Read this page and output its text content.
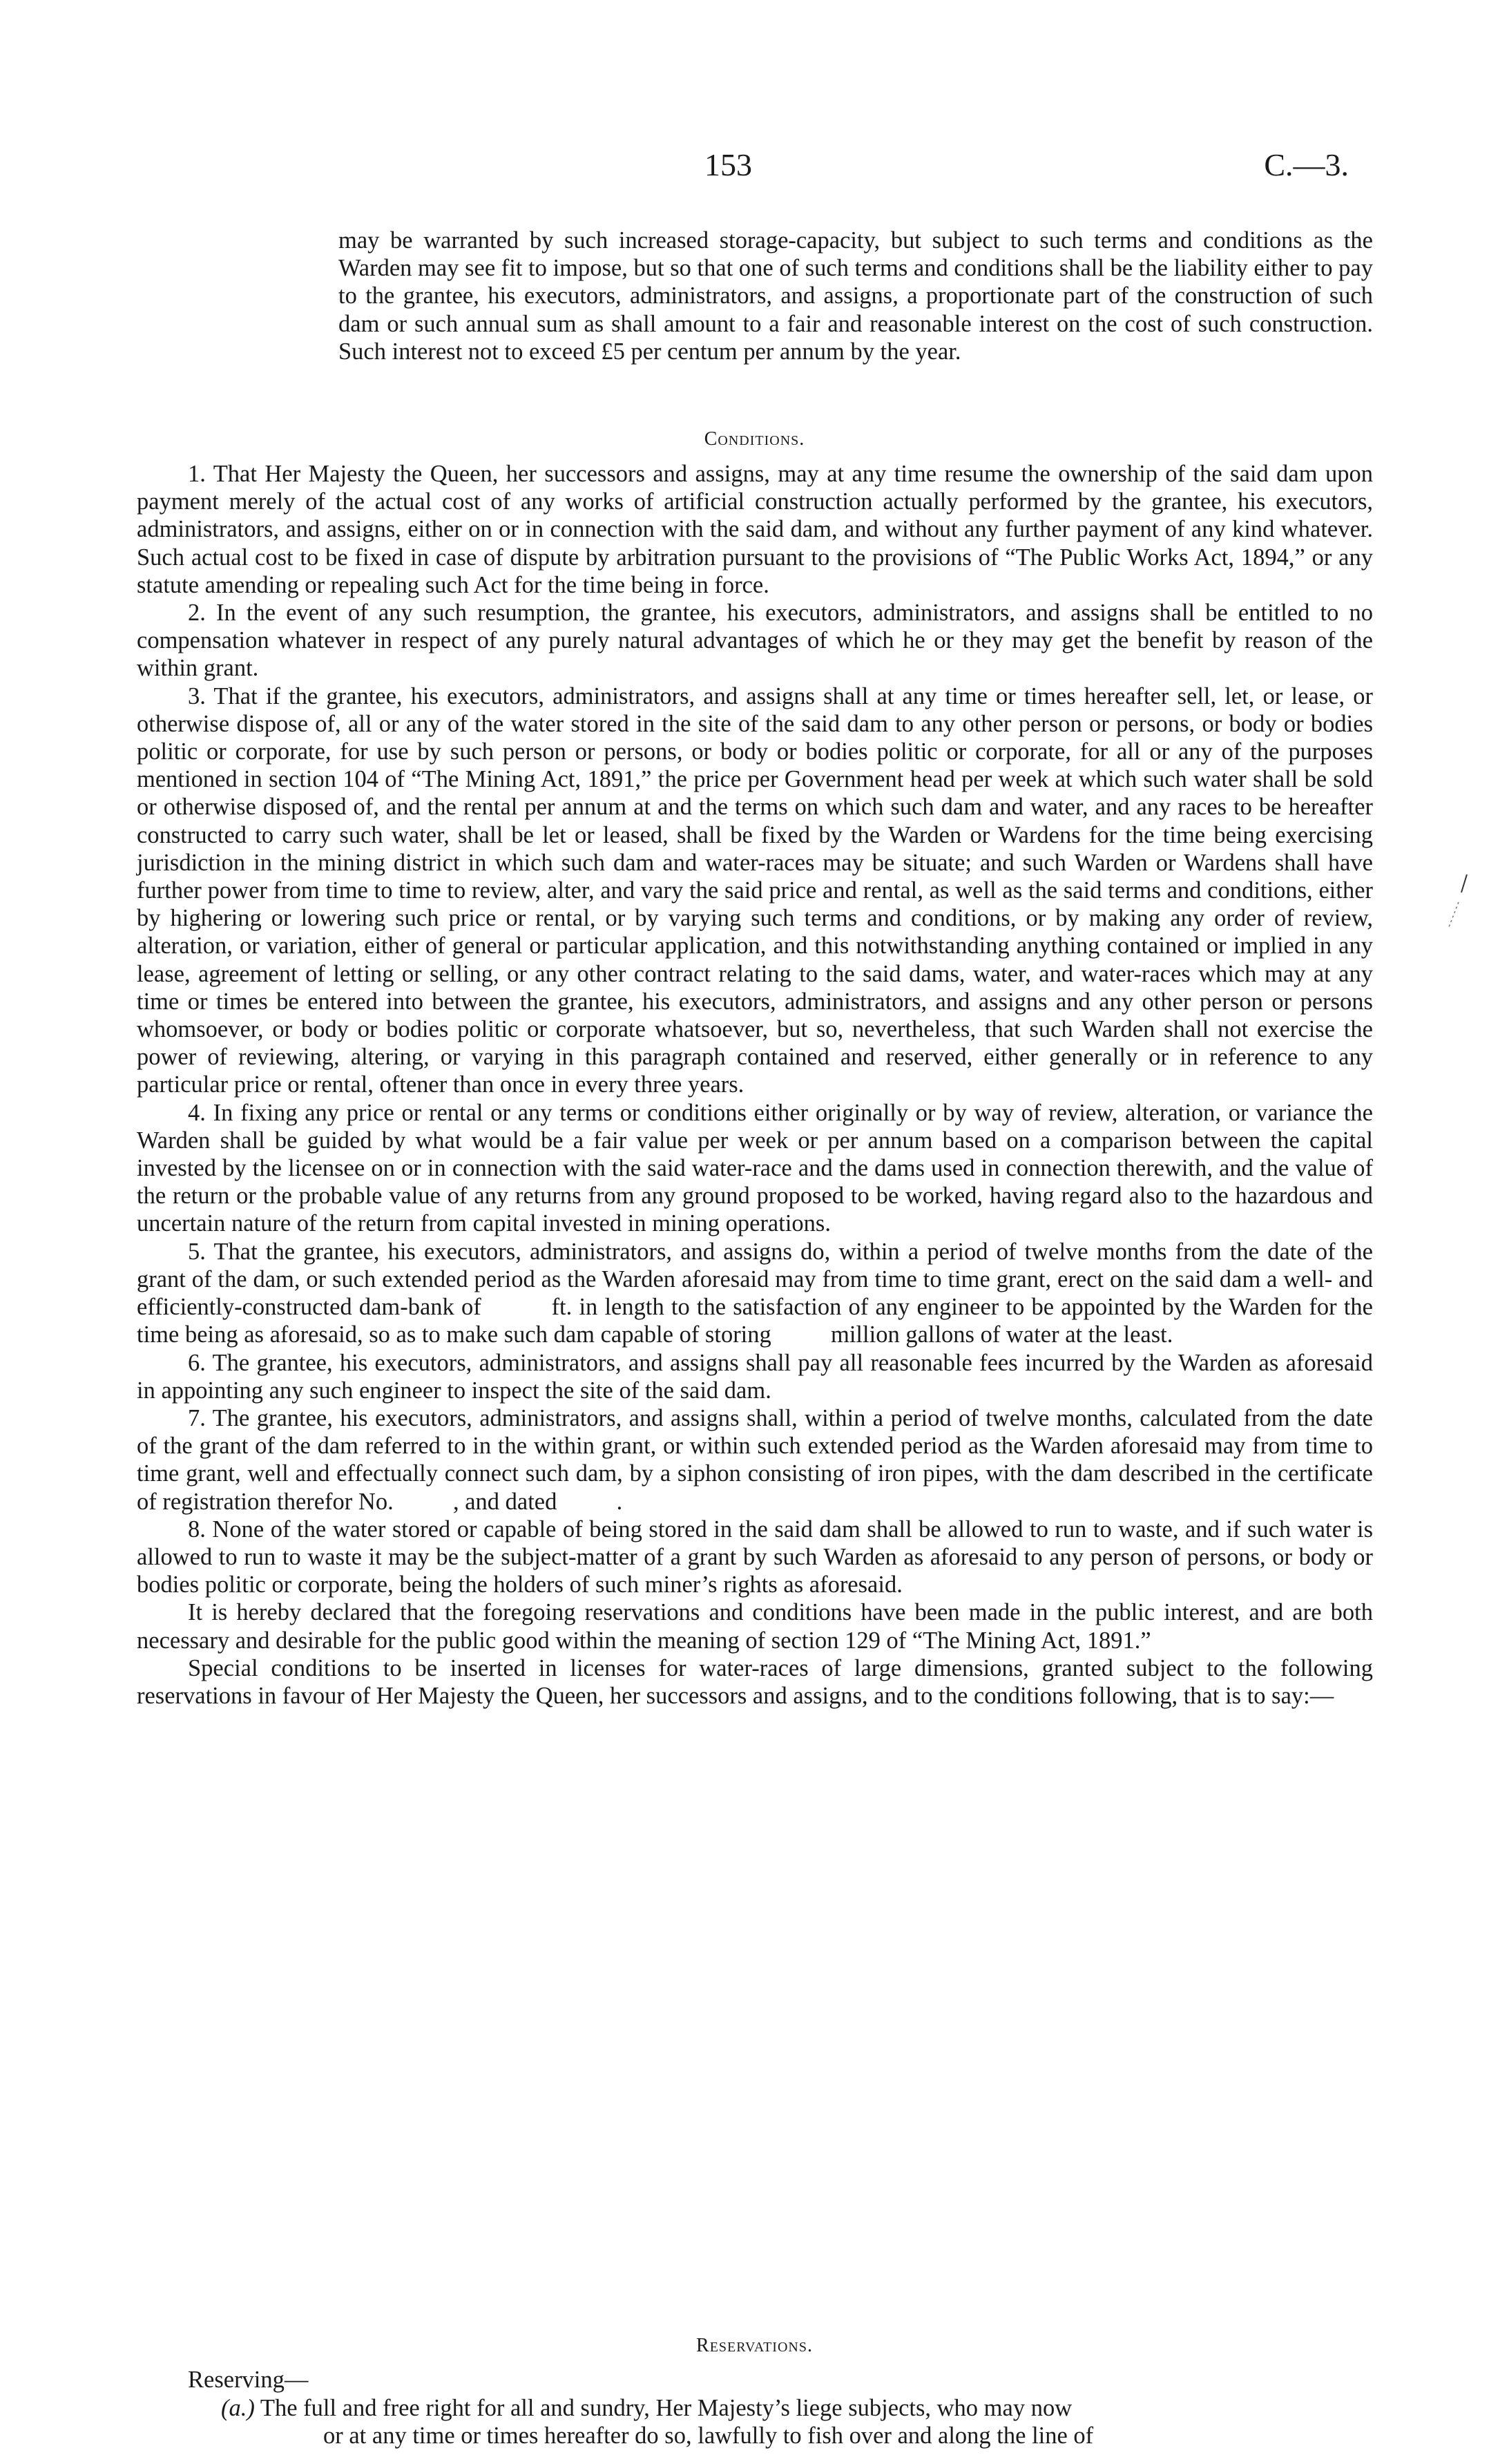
153	C.—3.

may be warranted by such increased storage-capacity, but subject to such terms and conditions as the Warden may see fit to impose, but so that one of such terms and conditions shall be the liability either to pay to the grantee, his executors, administrators, and assigns, a proportionate part of the construction of such dam or such annual sum as shall amount to a fair and reasonable interest on the cost of such construction. Such interest not to exceed £5 per centum per annum by the year.

Conditions.

1. That Her Majesty the Queen, her successors and assigns, may at any time resume the ownership of the said dam upon payment merely of the actual cost of any works of artificial construction actually performed by the grantee, his executors, administrators, and assigns, either on or in connection with the said dam, and without any further payment of any kind whatever. Such actual cost to be fixed in case of dispute by arbitration pursuant to the provisions of “The Public Works Act, 1894,” or any statute amending or repealing such Act for the time being in force.

2. In the event of any such resumption, the grantee, his executors, administrators, and assigns shall be entitled to no compensation whatever in respect of any purely natural advantages of which he or they may get the benefit by reason of the within grant.

3. That if the grantee, his executors, administrators, and assigns shall at any time or times hereafter sell, let, or lease, or otherwise dispose of, all or any of the water stored in the site of the said dam to any other person or persons, or body or bodies politic or corporate, for use by such person or persons, or body or bodies politic or corporate, for all or any of the purposes mentioned in section 104 of “The Mining Act, 1891,” the price per Government head per week at which such water shall be sold or otherwise disposed of, and the rental per annum at and the terms on which such dam and water, and any races to be hereafter constructed to carry such water, shall be let or leased, shall be fixed by the Warden or Wardens for the time being exercising jurisdiction in the mining district in which such dam and water-races may be situate; and such Warden or Wardens shall have further power from time to time to review, alter, and vary the said price and rental, as well as the said terms and conditions, either by highering or lowering such price or rental, or by varying such terms and conditions, or by making any order of review, alteration, or variation, either of general or particular application, and this notwithstanding anything contained or implied in any lease, agreement of letting or selling, or any other contract relating to the said dams, water, and water-races which may at any time or times be entered into between the grantee, his executors, administrators, and assigns and any other person or persons whomsoever, or body or bodies politic or corporate whatsoever, but so, nevertheless, that such Warden shall not exercise the power of reviewing, altering, or varying in this paragraph contained and reserved, either generally or in reference to any particular price or rental, oftener than once in every three years.

4. In fixing any price or rental or any terms or conditions either originally or by way of review, alteration, or variance the Warden shall be guided by what would be a fair value per week or per annum based on a comparison between the capital invested by the licensee on or in connection with the said water-race and the dams used in connection therewith, and the value of the return or the probable value of any returns from any ground proposed to be worked, having regard also to the hazardous and uncertain nature of the return from capital invested in mining operations.

5. That the grantee, his executors, administrators, and assigns do, within a period of twelve months from the date of the grant of the dam, or such extended period as the Warden aforesaid may from time to time grant, erect on the said dam a well- and efficiently-constructed dam-bank of          ft. in length to the satisfaction of any engineer to be appointed by the Warden for the time being as aforesaid, so as to make such dam capable of storing          million gallons of water at the least.

6. The grantee, his executors, administrators, and assigns shall pay all reasonable fees incurred by the Warden as aforesaid in appointing any such engineer to inspect the site of the said dam.

7. The grantee, his executors, administrators, and assigns shall, within a period of twelve months, calculated from the date of the grant of the dam referred to in the within grant, or within such extended period as the Warden aforesaid may from time to time grant, well and effectually connect such dam, by a siphon consisting of iron pipes, with the dam described in the certificate of registration therefor No.          , and dated          .

8. None of the water stored or capable of being stored in the said dam shall be allowed to run to waste, and if such water is allowed to run to waste it may be the subject-matter of a grant by such Warden as aforesaid to any person of persons, or body or bodies politic or corporate, being the holders of such miner’s rights as aforesaid.

It is hereby declared that the foregoing reservations and conditions have been made in the public interest, and are both necessary and desirable for the public good within the meaning of section 129 of “The Mining Act, 1891.”

Special conditions to be inserted in licenses for water-races of large dimensions, granted subject to the following reservations in favour of Her Majesty the Queen, her successors and assigns, and to the conditions following, that is to say:—

Reservations.

Reserving—
(a.) The full and free right for all and sundry, Her Majesty’s liege subjects, who may now
or at any time or times hereafter do so, lawfully to fish over and along the line of
